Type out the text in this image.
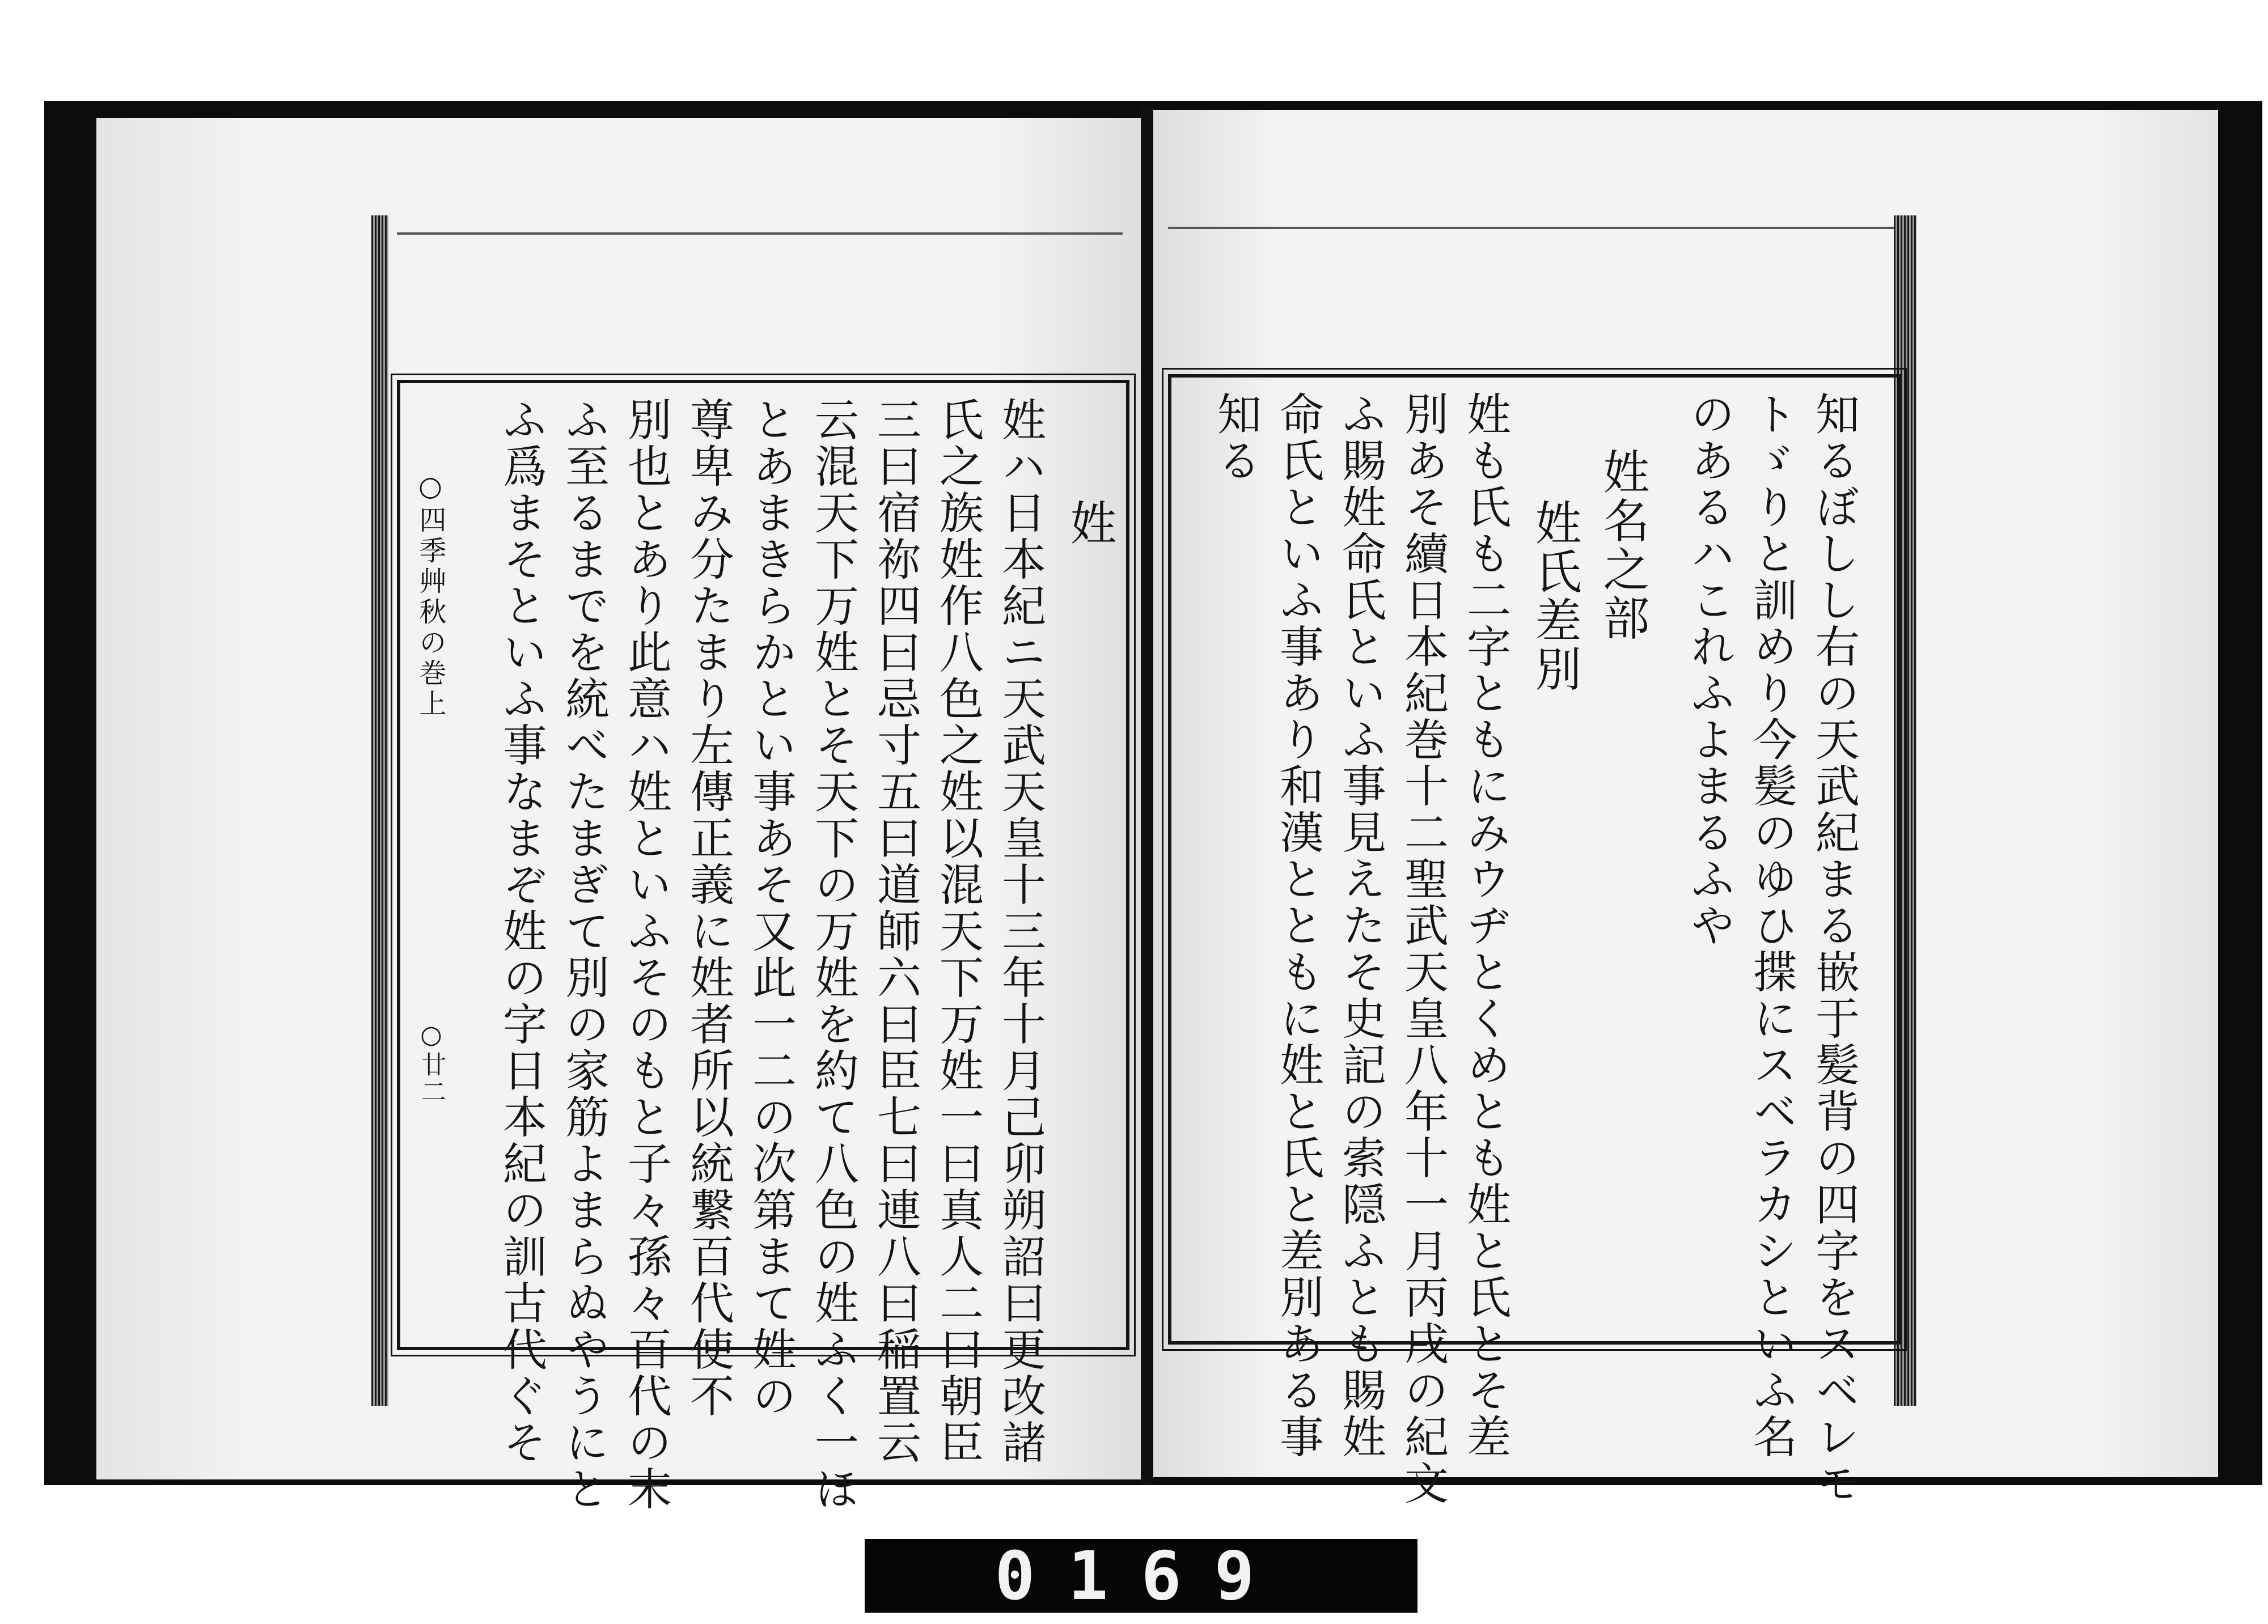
姓
姓ハ日本紀ニ天武天皇十三年十月己卯朔詔曰更改諸
氏之族姓作八色之姓以混天下万姓一曰真人二曰朝臣
三曰宿祢四曰忌寸五曰道師六曰臣七曰連八曰稲置云
云混天下万姓とそ天下の万姓を約て八色の姓ふく一ほ
とあまきらかとい事あそ又此一二の次第まて姓の
尊卑み分たまり左傳正義に姓者所以統繋百代使不
別也とあり此意ハ姓といふそのもと子々孫々百代の末
ふ至るまでを統べたまぎて別の家筋よまらぬやうにと
ふ爲まそといふ事なまぞ姓の字日本紀の訓古代ぐそ
○四季艸秋の巻上
○廿二	知るぼしし右の天武紀まる嵌于髪背の四字をスベレモ
トゞりと訓めり今髪のゆひ揲にスベラカシといふ名
のあるハこれふよまるふや
姓名之部
姓氏差別
姓も氏も二字ともにみウヂとくめとも姓と氏とそ差
別あそ續日本紀巻十二聖武天皇八年十一月丙戌の紀文
ふ賜姓命氏といふ事見えたそ史記の索隠ふとも賜姓
命氏といふ事あり和漢とともに姓と氏と差別ある事
知る
0169
